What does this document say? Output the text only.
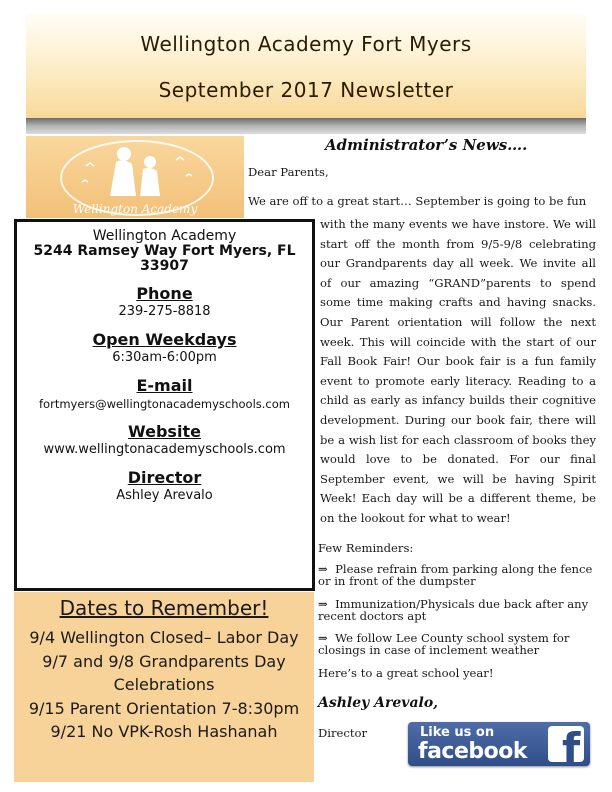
Wellington Academy Fort Myers
September 2017 Newsletter
Wellington Academy
Wellington Academy
5244 Ramsey Way Fort Myers, FL 33907
Phone
239-275-8818
Open Weekdays
6:30am-6:00pm
E-mail
fortmyers@wellingtonacademyschools.com
Website
www.wellingtonacademyschools.com
Director
Ashley Arevalo
Dates to Remember!
9/4 Wellington Closed– Labor Day
9/7 and 9/8 Grandparents Day Celebrations
9/15 Parent Orientation 7-8:30pm
9/21 No VPK-Rosh Hashanah
Administrator’s News….
Dear Parents,
We are off to a great start… September is going to be fun
with the many events we have instore. We will start off the month from 9/5-9/8 celebrating our Grandparents day all week. We invite all of our amazing “GRAND”parents to spend some time making crafts and having snacks. Our Parent orientation will follow the next week. This will coincide with the start of our Fall Book Fair! Our book fair is a fun family event to promote early literacy. Reading to a child as early as infancy builds their cognitive development. During our book fair, there will be a wish list for each classroom of books they would love to be donated. For our final September event, we will be having Spirit Week! Each day will be a different theme, be on the lookout for what to wear!
Few Reminders:
⇒ Please refrain from parking along the fence or in front of the dumpster
⇒ Immunization/Physicals due back after any recent doctors apt
⇒ We follow Lee County school system for closings in case of inclement weather
Here’s to a great school year!
Ashley Arevalo,
Director	Like us on
facebook f
